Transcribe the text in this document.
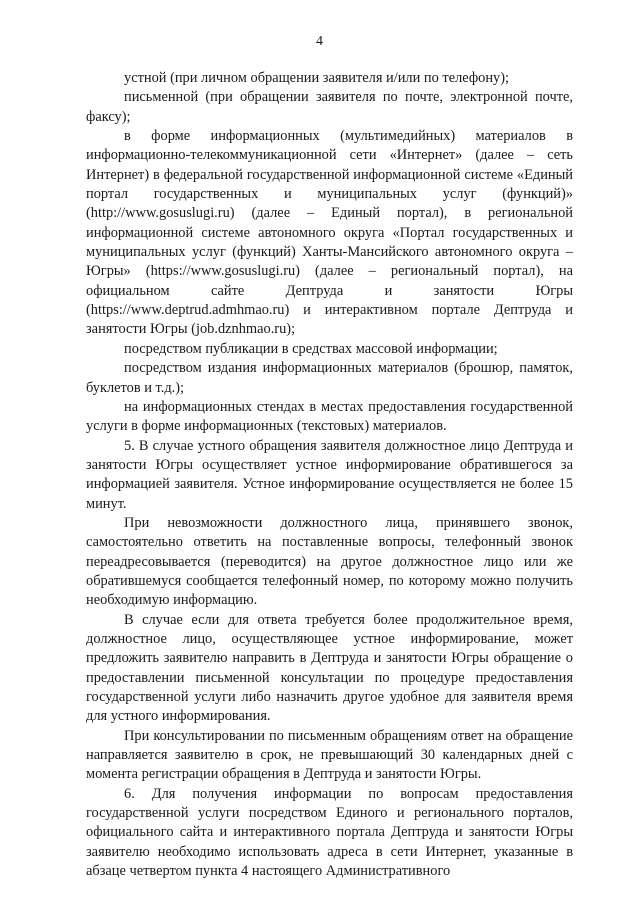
4

устной (при личном обращении заявителя и/или по телефону);

письменной (при обращении заявителя по почте, электронной почте, факсу);

в форме информационных (мультимедийных) материалов в информационно-телекоммуникационной сети «Интернет» (далее – сеть Интернет) в федеральной государственной информационной системе «Единый портал государственных и муниципальных услуг (функций)» (http://www.gosuslugi.ru) (далее – Единый портал), в региональной информационной системе автономного округа «Портал государственных и муниципальных услуг (функций) Ханты-Мансийского автономного округа – Югры» (https://www.gosuslugi.ru) (далее – региональный портал), на официальном сайте Дептруда и занятости Югры (https://www.deptrud.admhmao.ru) и интерактивном портале Дептруда и занятости Югры (job.dznhmao.ru);

посредством публикации в средствах массовой информации;

посредством издания информационных материалов (брошюр, памяток, буклетов и т.д.);

на информационных стендах в местах предоставления государственной услуги в форме информационных (текстовых) материалов.

5. В случае устного обращения заявителя должностное лицо Дептруда и занятости Югры осуществляет устное информирование обратившегося за информацией заявителя. Устное информирование осуществляется не более 15 минут.

При невозможности должностного лица, принявшего звонок, самостоятельно ответить на поставленные вопросы, телефонный звонок переадресовывается (переводится) на другое должностное лицо или же обратившемуся сообщается телефонный номер, по которому можно получить необходимую информацию.

В случае если для ответа требуется более продолжительное время, должностное лицо, осуществляющее устное информирование, может предложить заявителю направить в Дептруда и занятости Югры обращение о предоставлении письменной консультации по процедуре предоставления государственной услуги либо назначить другое удобное для заявителя время для устного информирования.

При консультировании по письменным обращениям ответ на обращение направляется заявителю в срок, не превышающий 30 календарных дней с момента регистрации обращения в Дептруда и занятости Югры.

6. Для получения информации по вопросам предоставления государственной услуги посредством Единого и регионального порталов, официального сайта и интерактивного портала Дептруда и занятости Югры заявителю необходимо использовать адреса в сети Интернет, указанные в абзаце четвертом пункта 4 настоящего Административного
